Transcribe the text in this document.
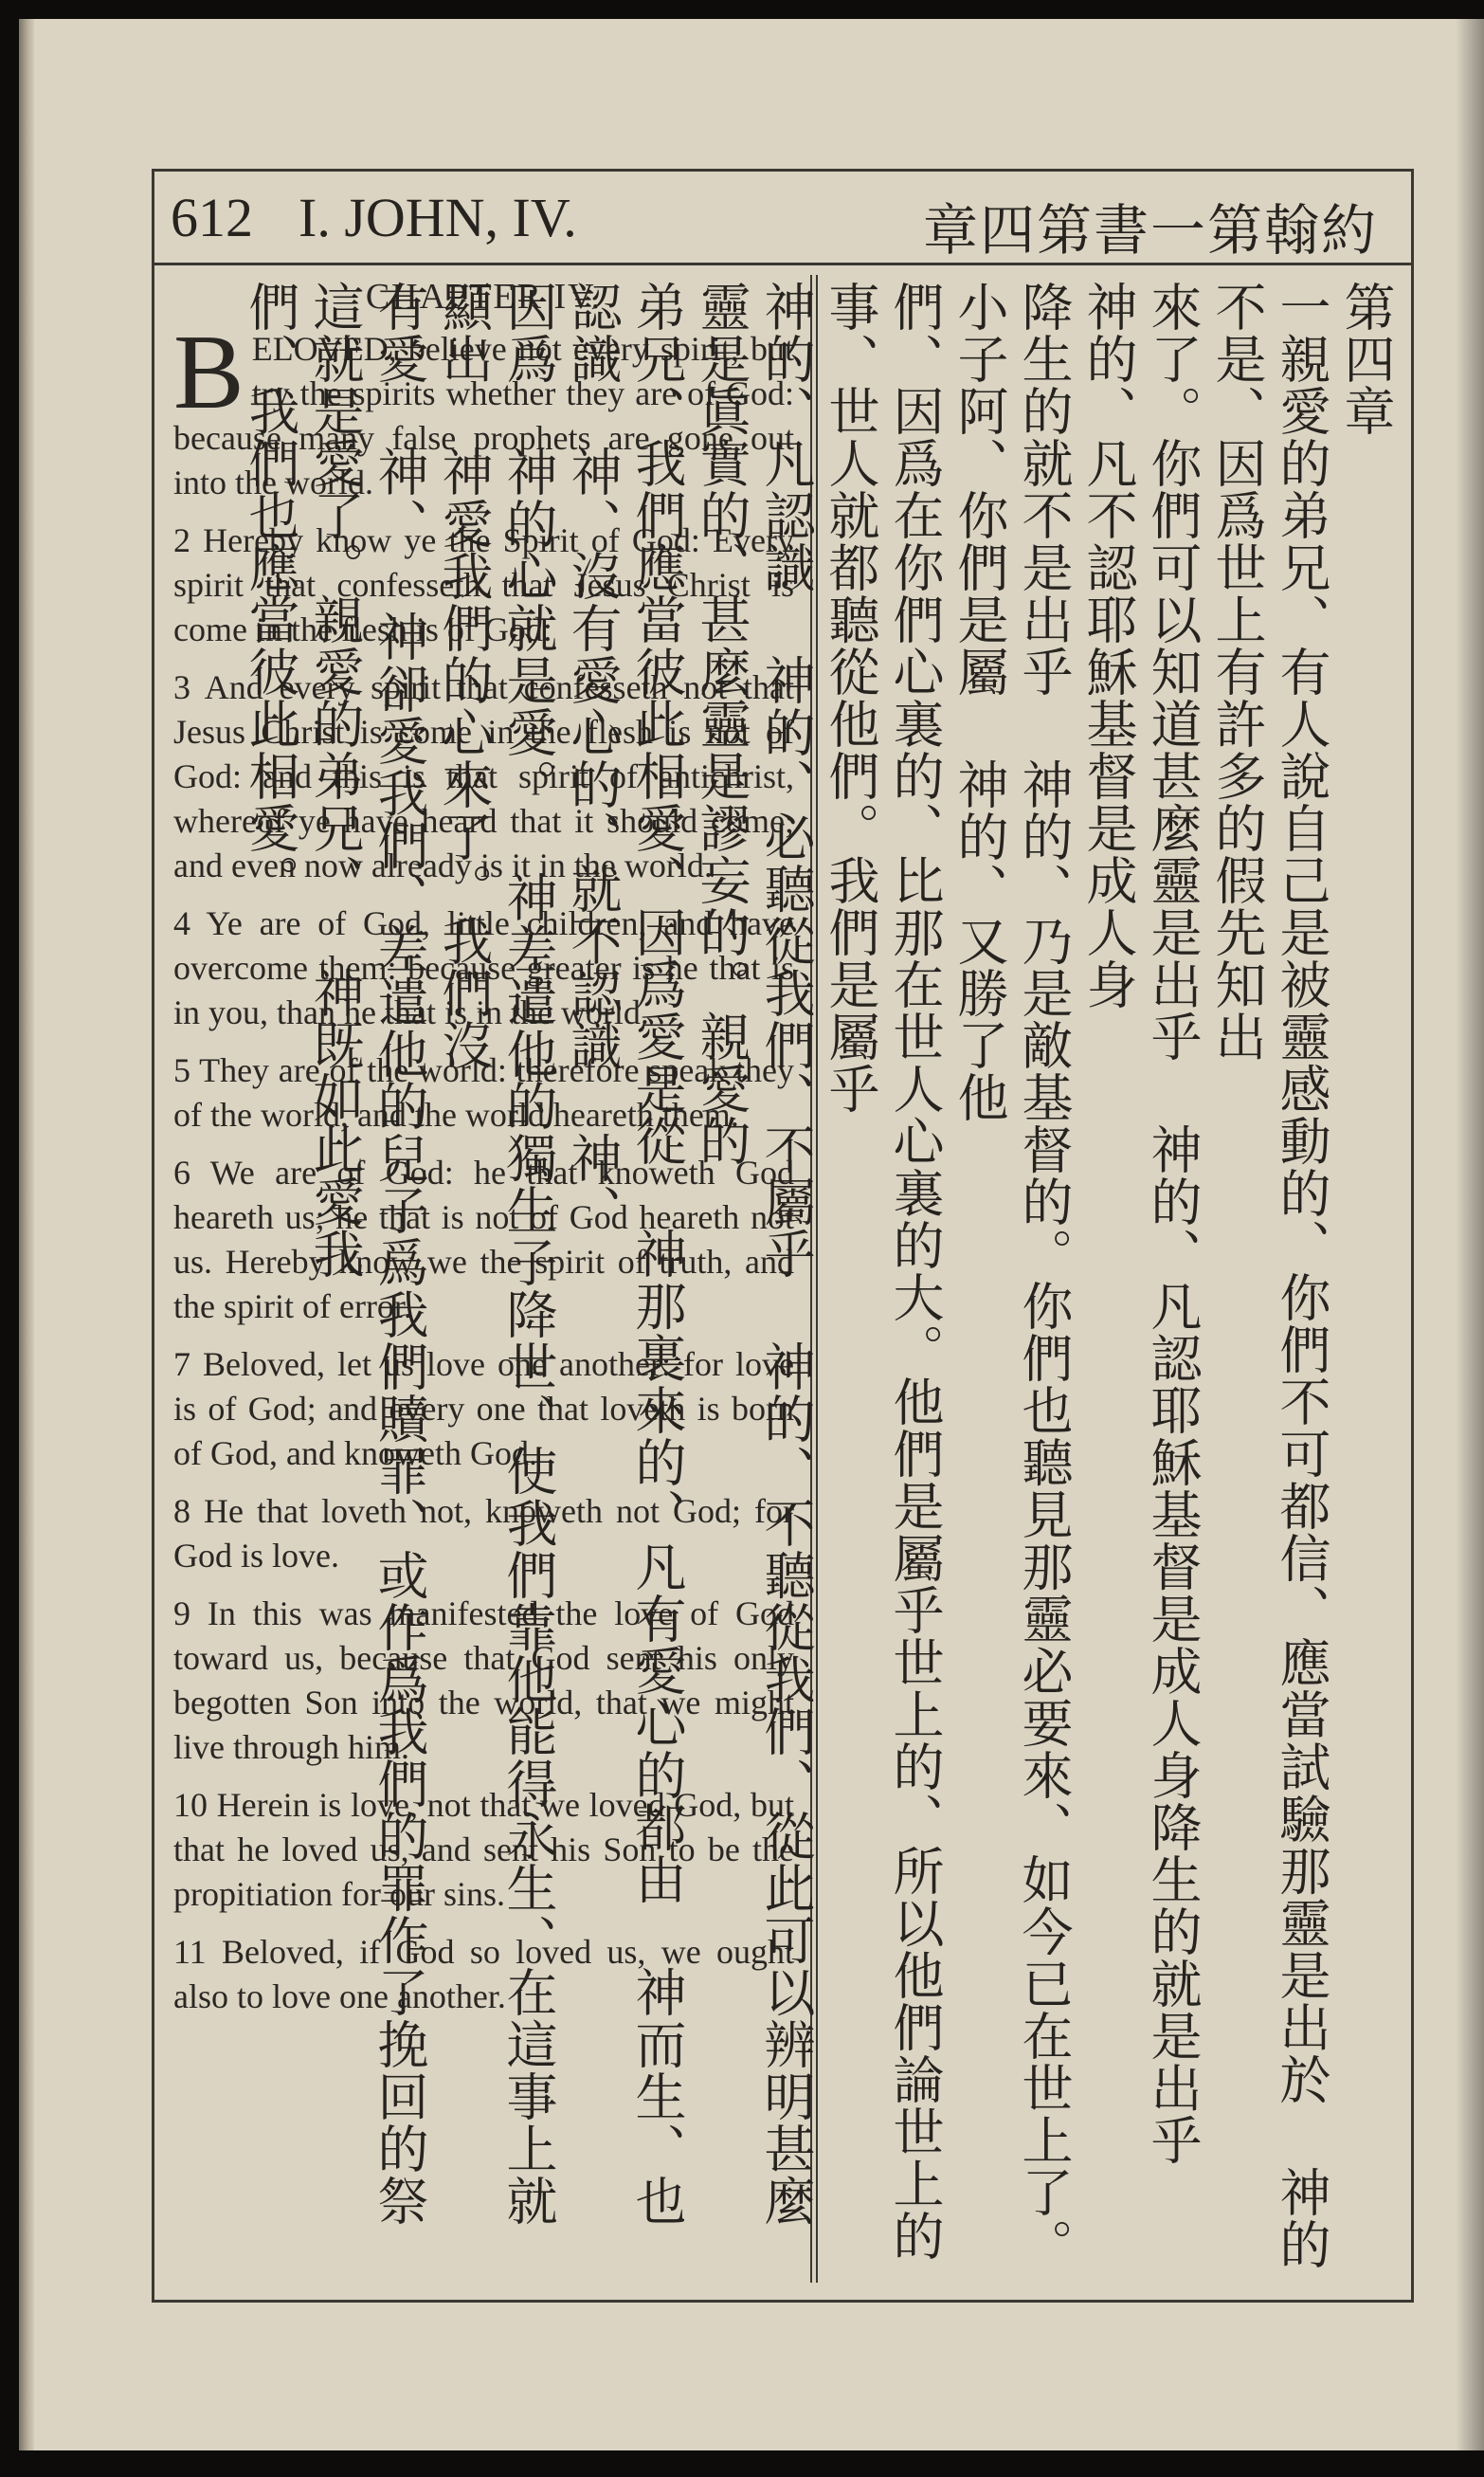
612 I. JOHN, IV.	章四第書一第翰約
CHAPTER IV.

BELOVED, believe not every spirit, but try the spirits whether they are of God: because many false prophets are gone out into the world.

2 Hereby know ye the Spirit of God: Every spirit that confesseth that Jesus Christ is come in the flesh is of God:

3 And every spirit that confesseth not that Jesus Christ is come in the flesh is not of God: and this is that spirit of antichrist, whereof ye have heard that it should come; and even now already is it in the world.

4 Ye are of God, little children, and have overcome them: because greater is he that is in you, than he that is in the world.

5 They are of the world: therefore speak they of the world, and the world heareth them.

6 We are of God: he that knoweth God heareth us; he that is not of God heareth not us. Hereby know we the spirit of truth, and the spirit of error.

7 Beloved, let us love one another: for love is of God; and every one that loveth is born of God, and knoweth God.

8 He that loveth not, knoweth not God; for God is love.

9 In this was manifested the love of God toward us, because that God sent his only begotten Son into the world, that we might live through him.

10 Herein is love, not that we loved God, but that he loved us, and sent his Son to be the propitiation for our sins.

11 Beloved, if God so loved us, we ought also to love one another.

第四章
一親愛的弟兄、有人說自己是被靈感動的、你們不可都信、應當試驗那靈是出於 神的不是、因爲世上有許多的假先知出
來了。你們可以知道甚麼靈是出乎 神的、凡認耶穌基督是成人身降生的就是出乎 神的、凡不認耶穌基督是成人身
降生的就不是出乎 神的、乃是敵基督的。你們也聽見那靈必要來、如今已在世上了。小子阿、你們是屬 神的、又勝了他
們、因爲在你們心裏的、比那在世人心裏的大。他們是屬乎世上的、所以他們論世上的事、世人就都聽從他們。我們是屬乎
神的、凡認識 神的、必聽從我們、不屬乎 神的、不聽從我們、從此可以辨明甚麼靈是眞實的、甚麼靈是謬妄的。親愛的
弟兄、我們應當彼此相愛、因爲愛是從 神那裏來的、凡有愛心的都由 神而生、也認識 神、沒有愛心的、就不認識 神、
因爲 神的心就是愛。 神差遣他的獨生子降世、使我們靠他能得永生、在這事上就顯出 神愛我們的心來了。我們沒
有愛 神、 神卻愛我們、差遣他的兒子爲我們贖罪、或作爲我們的罪作了挽回的祭 這就是愛了。親愛的弟兄、 神既如此愛我
們、我們也應當彼此相愛。
